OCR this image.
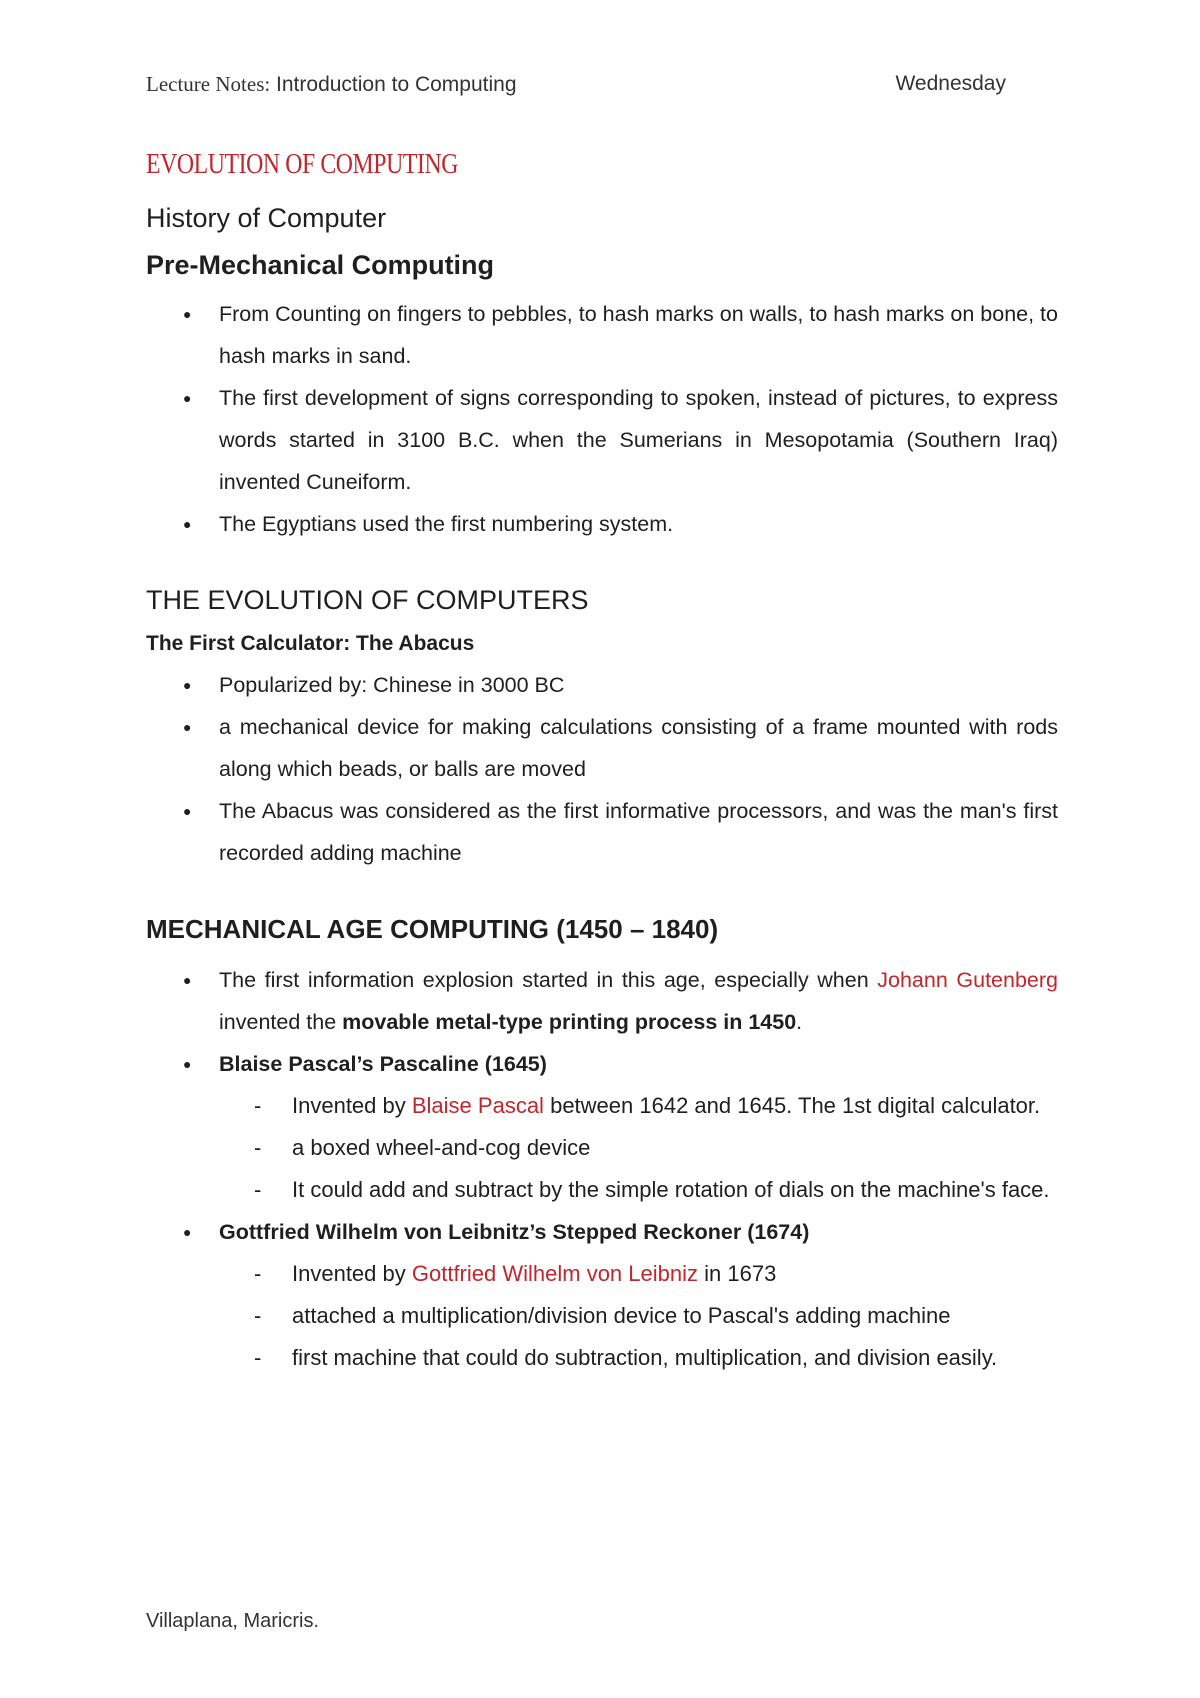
Lecture Notes: Introduction to Computing	Wednesday
EVOLUTION OF COMPUTING
History of Computer
Pre-Mechanical Computing
● From Counting on fingers to pebbles, to hash marks on walls, to hash marks on bone, to hash marks in sand.
● The first development of signs corresponding to spoken, instead of pictures, to express words started in 3100 B.C. when the Sumerians in Mesopotamia (Southern Iraq) invented Cuneiform.
● The Egyptians used the first numbering system.
THE EVOLUTION OF COMPUTERS
The First Calculator: The Abacus
● Popularized by: Chinese in 3000 BC
● a mechanical device for making calculations consisting of a frame mounted with rods along which beads, or balls are moved
● The Abacus was considered as the first informative processors, and was the man's first recorded adding machine
MECHANICAL AGE COMPUTING (1450 – 1840)
● The first information explosion started in this age, especially when Johann Gutenberg invented the movable metal-type printing process in 1450.
● Blaise Pascal’s Pascaline (1645)
- Invented by Blaise Pascal between 1642 and 1645. The 1st digital calculator.
- a boxed wheel-and-cog device
- It could add and subtract by the simple rotation of dials on the machine's face.
● Gottfried Wilhelm von Leibnitz’s Stepped Reckoner (1674)
- Invented by Gottfried Wilhelm von Leibniz in 1673
- attached a multiplication/division device to Pascal's adding machine
- first machine that could do subtraction, multiplication, and division easily.
Villaplana, Maricris.
